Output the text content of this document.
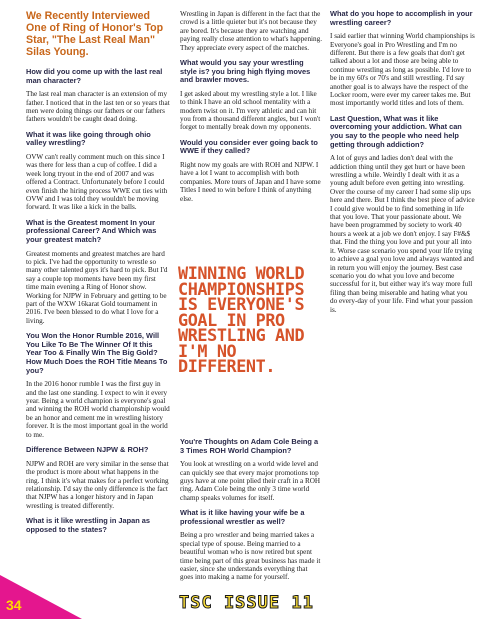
We Recently Interviewed One of Ring of Honor's Top Star, "The Last Real Man" Silas Young.
How did you come up with the last real man character?

The last real man character is an extension of my father. I noticed that in the last ten or so years that men were doing things our fathers or our fathers fathers wouldn't be caught dead doing.

What it was like going through ohio valley wrestling?

OVW can't really comment much on this since I was there for less than a cup of coffee. I did a week long tryout in the end of 2007 and was offered a Contract. Unfortunately before I could even finish the hiring process WWE cut ties with OVW and I was told they wouldn't be moving forward. It was like a kick in the balls.

What is the Greatest moment In your professional Career? And Which was your greatest match?

Greatest moments and greatest matches are hard to pick. I've had the opportunity to wrestle so many other talented guys it's hard to pick. But I'd say a couple top moments have been my first time main evening a Ring of Honor show. Working for NJPW in February and getting to be part of the WXW 16karat Gold tournament in 2016. I've been blessed to do what I love for a living.

You Won the Honor Rumble 2016, Will You Like To Be The Winner Of It this Year Too & Finally Win The Big Gold? How Much Does the ROH Title Means To you?

In the 2016 honor rumble I was the first guy in and the last one standing. I expect to win it every year. Being a world champion is everyone's goal and winning the ROH world championship would be an honor and cement me in wrestling history forever. It is the most important goal in the world to me.

Difference Between NJPW & ROH?

NJPW and ROH are very similar in the sense that the product is more about what happens in the ring. I think it's what makes for a perfect working relationship. I'd say the only difference is the fact that NJPW has a longer history and in Japan wrestling is treated differently.

What is it like wrestling in Japan as opposed to the states?

Wrestling in Japan is different in the fact that the crowd is a little quieter but it's not because they are bored. It's because they are watching and paying really close attention to what's happening. They appreciate every aspect of the matches.

What would you say your wrestling style is? you bring high flying moves and brawler moves.

I get asked about my wrestling style a lot. I like to think I have an old school mentality with a modern twist on it. I'm very athletic and can hit you from a thousand different angles, but I won't forget to mentally break down my opponents.

Would you consider ever going back to WWE if they called?

Right now my goals are with ROH and NJPW. I have a lot I want to accomplish with both companies. More tours of Japan and I have some Titles I need to win before I think of anything else.

WINNING WORLD CHAMPIONSHIPS IS EVERYONE'S GOAL IN PRO WRESTLING AND I'M NO DIFFERENT.
You're Thoughts on Adam Cole Being a 3 Times ROH World Champion?

You look at wrestling on a world wide level and can quickly see that every major promotions top guys have at one point plied their craft in a ROH ring. Adam Cole being the only 3 time world champ speaks volumes for itself.

What is it like having your wife be a professional wrestler as well?

Being a pro wrestler and being married takes a special type of spouse. Being married to a beautiful woman who is now retired but spent time being part of this great business has made it easier, since she understands everything that goes into making a name for yourself.

What do you hope to accomplish in your wrestling career?

I said earlier that winning World championships is Everyone's goal in Pro Wrestling and I'm no different. But there is a few goals that don't get talked about a lot and those are being able to continue wrestling as long as possible. I'd love to be in my 60's or 70's and still wrestling. I'd say another goal is to always have the respect of the Locker room, were ever my career takes me. But most importantly world titles and lots of them.

Last Question, What was it like overcoming your addiction. What can you say to the people who need help getting through addiction?

A lot of guys and ladies don't deal with the addiction thing until they get hurt or have been wrestling a while. Weirdly I dealt with it as a young adult before even getting into wrestling. Over the course of my career I had some slip ups here and there. But I think the best piece of advice I could give would be to find something in life that you love. That your passionate about. We have been programmed by society to work 40 hours a week at a job we don't enjoy. I say F#&$ that. Find the thing you love and put your all into it. Worse case scenario you spend your life trying to achieve a goal you love and always wanted and in return you will enjoy the journey. Best case scenario you do what you love and become successful for it, but either way it's way more full filing than being miserable and hating what you do every-day of your life. Find what your passion is.

34	TSC ISSUE 11
